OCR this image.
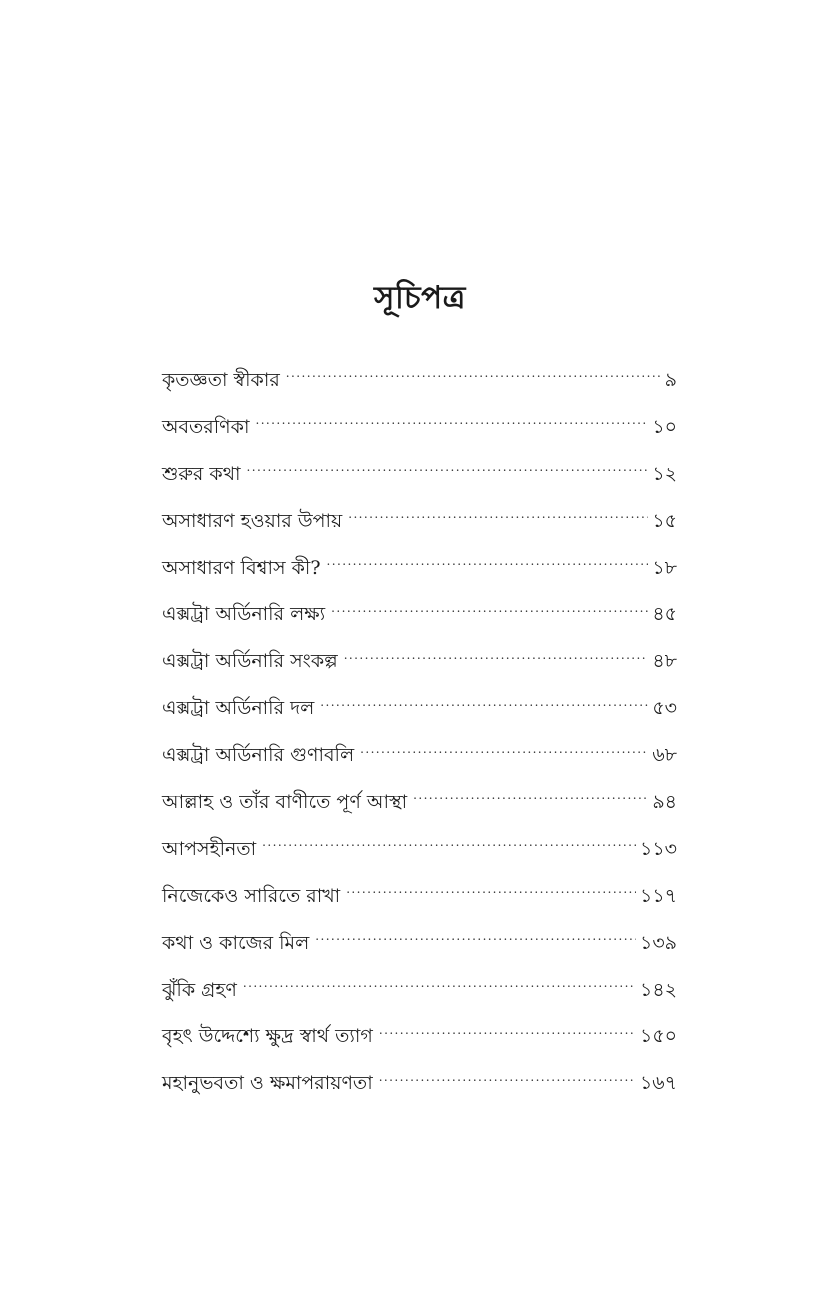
সূচিপত্র
কৃতজ্ঞতা স্বীকার . . .	৯
অবতরণিকা . . .	১০
শুরুর কথা . . .	১২
অসাধারণ হওয়ার উপায় . . .	১৫
অসাধারণ বিশ্বাস কী? . . .	১৮
এক্সট্রা অর্ডিনারি লক্ষ্য . . .	৪৫
এক্সট্রা অর্ডিনারি সংকল্প . . .	৪৮
এক্সট্রা অর্ডিনারি দল . . .	৫৩
এক্সট্রা অর্ডিনারি গুণাবলি . . .	৬৮
আল্লাহ ও তাঁর বাণীতে পূর্ণ আস্থা . . .	৯৪
আপসহীনতা . . .	১১৩
নিজেকেও সারিতে রাখা . . .	১১৭
কথা ও কাজের মিল . . .	১৩৯
ঝুঁকি গ্রহণ . . .	১৪২
বৃহৎ উদ্দেশ্যে ক্ষুদ্র স্বার্থ ত্যাগ . . .	১৫০
মহানুভবতা ও ক্ষমাপরায়ণতা . . .	১৬৭
